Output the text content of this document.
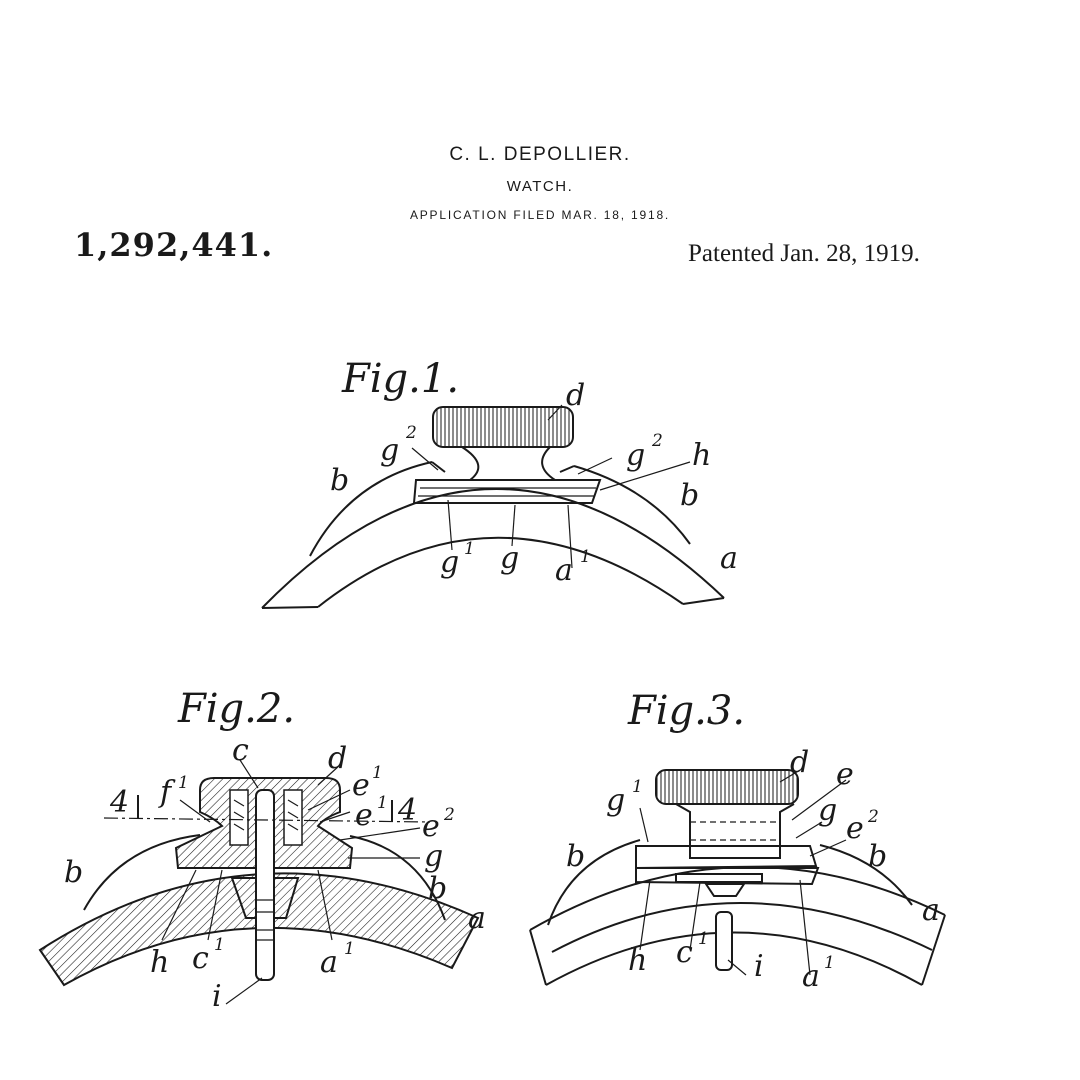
C. L. DEPOLLIER.
WATCH.
APPLICATION FILED MAR. 18, 1918.
1,292,441.	Patented Jan. 28, 1919.
Fig.1.	d
g 2
g 2 h
b	b
g 1 g a 1	a
Fig.2.
c	d
f 1
4	e 1
e 1 4 e 2
g
b	b
a
h c 1	a 1
i
Fig.3.
d e
g 1
g
e 2
b	b
a
h c 1
i a 1
